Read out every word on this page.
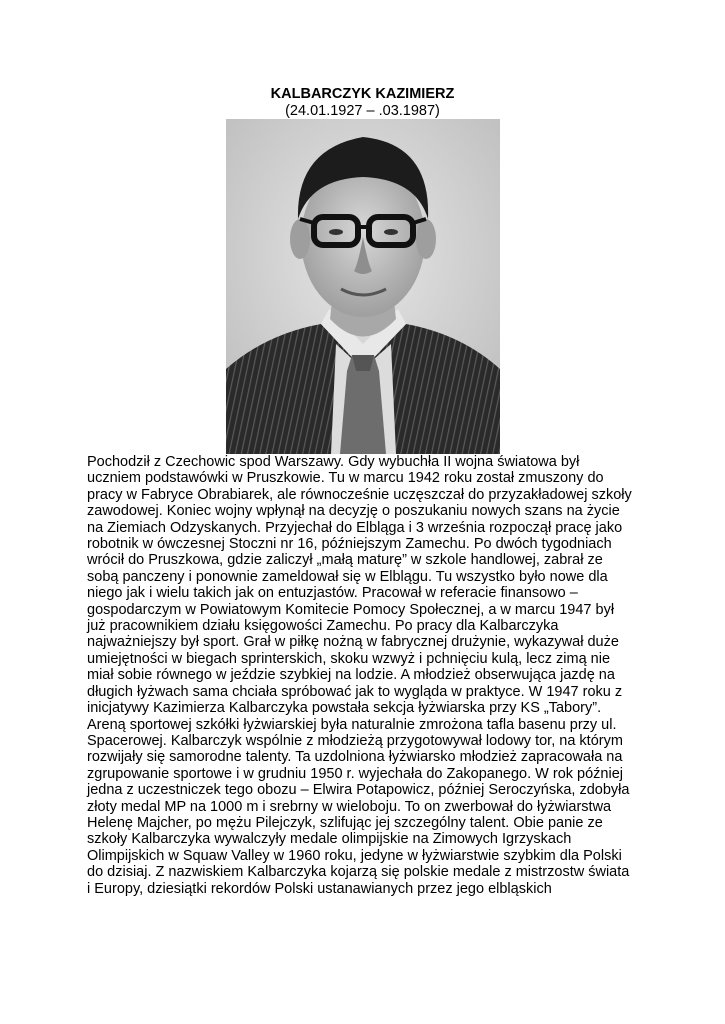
KALBARCZYK KAZIMIERZ
(24.01.1927 – .03.1987)

Pochodził z Czechowic spod Warszawy. Gdy wybuchła II wojna światowa był

uczniem podstawówki w Pruszkowie. Tu w marcu 1942 roku został zmuszony do

pracy w Fabryce Obrabiarek, ale równocześnie uczęszczał do przyzakładowej szkoły

zawodowej. Koniec wojny wpłynął na decyzję o poszukaniu nowych szans na życie

na Ziemiach Odzyskanych. Przyjechał do Elbląga i 3 września rozpoczął pracę jako

robotnik w ówczesnej Stoczni nr 16, późniejszym Zamechu. Po dwóch tygodniach

wrócił do Pruszkowa, gdzie zaliczył „małą maturę” w szkole handlowej, zabrał ze

sobą panczeny i ponownie zameldował się w Elblągu. Tu wszystko było nowe dla

niego jak i wielu takich jak on entuzjastów. Pracował w referacie finansowo –

gospodarczym w Powiatowym Komitecie Pomocy Społecznej, a w marcu 1947 był

już pracownikiem działu księgowości Zamechu. Po pracy dla Kalbarczyka

najważniejszy był sport. Grał w piłkę nożną w fabrycznej drużynie, wykazywał duże

umiejętności w biegach sprinterskich, skoku wzwyż i pchnięciu kulą, lecz zimą nie

miał sobie równego w jeździe szybkiej na lodzie. A młodzież obserwująca jazdę na

długich łyżwach sama chciała spróbować jak to wygląda w praktyce. W 1947 roku z

inicjatywy Kazimierza Kalbarczyka powstała sekcja łyżwiarska przy KS „Tabory”.

Areną sportowej szkółki łyżwiarskiej była naturalnie zmrożona tafla basenu przy ul.

Spacerowej. Kalbarczyk wspólnie z młodzieżą przygotowywał lodowy tor, na którym

rozwijały się samorodne talenty. Ta uzdolniona łyżwiarsko młodzież zapracowała na

zgrupowanie sportowe i w grudniu 1950 r. wyjechała do Zakopanego. W rok później

jedna z uczestniczek tego obozu – Elwira Potapowicz, później Seroczyńska, zdobyła

złoty medal MP na 1000 m i srebrny w wieloboju. To on zwerbował do łyżwiarstwa

Helenę Majcher, po mężu Pilejczyk, szlifując jej szczególny talent. Obie panie ze

szkoły Kalbarczyka wywalczyły medale olimpijskie na Zimowych Igrzyskach

Olimpijskich w Squaw Valley w 1960 roku, jedyne w łyżwiarstwie szybkim dla Polski

do dzisiaj. Z nazwiskiem Kalbarczyka kojarzą się polskie medale z mistrzostw świata

i Europy, dziesiątki rekordów Polski ustanawianych przez jego elbląskich
